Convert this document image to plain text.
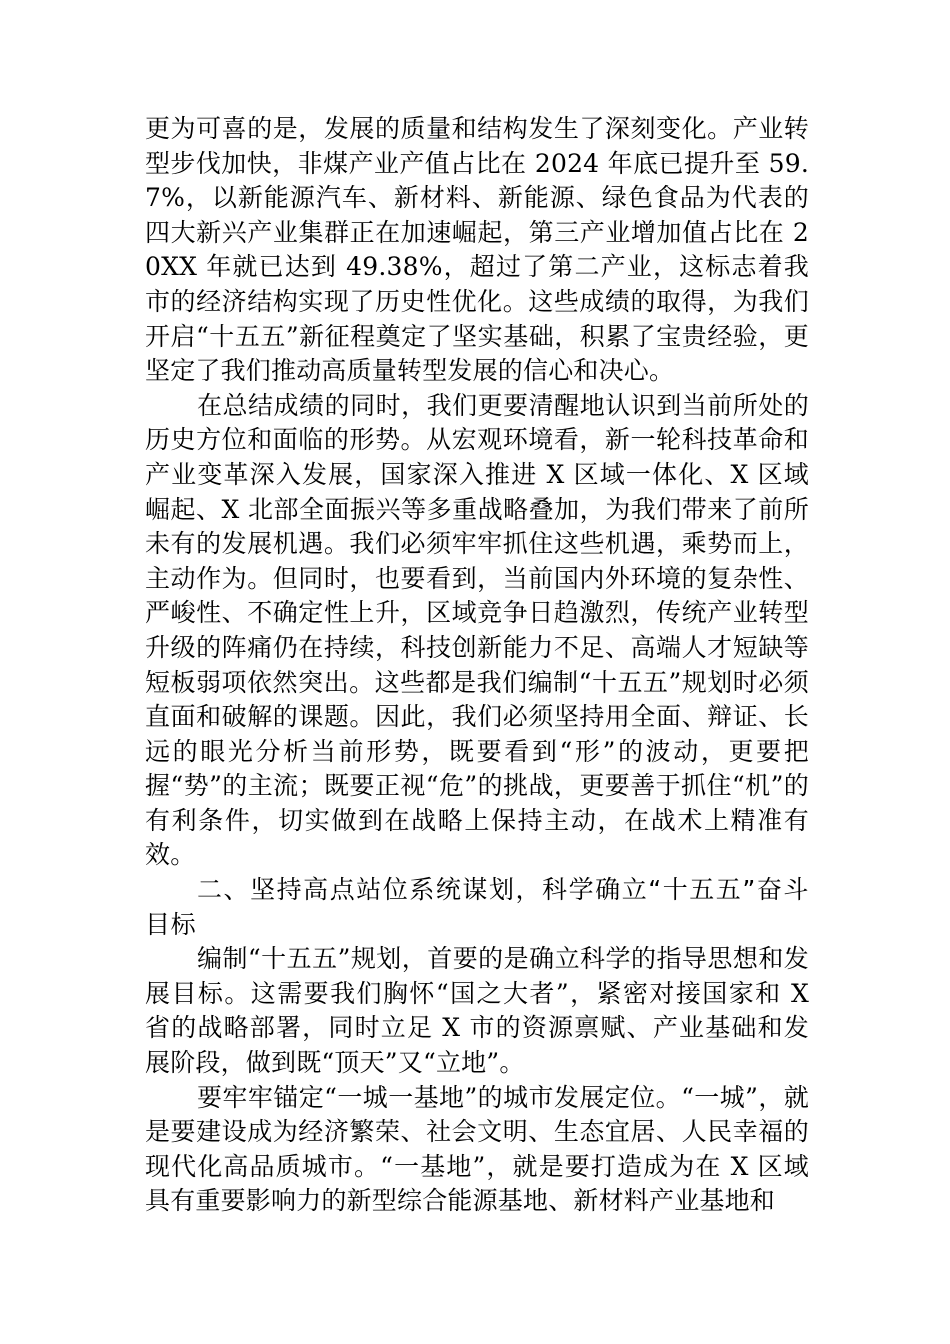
更为可喜的是，发展的质量和结构发生了深刻变化。产业转型步伐加快，非煤产业产值占比在 2024 年底已提升至 59.7%，以新能源汽车、新材料、新能源、绿色食品为代表的四大新兴产业集群正在加速崛起，第三产业增加值占比在 20XX 年就已达到 49.38%，超过了第二产业，这标志着我市的经济结构实现了历史性优化。这些成绩的取得，为我们开启“十五五”新征程奠定了坚实基础，积累了宝贵经验，更坚定了我们推动高质量转型发展的信心和决心。

在总结成绩的同时，我们更要清醒地认识到当前所处的历史方位和面临的形势。从宏观环境看，新一轮科技革命和产业变革深入发展，国家深入推进 X 区域一体化、X 区域崛起、X 北部全面振兴等多重战略叠加，为我们带来了前所未有的发展机遇。我们必须牢牢抓住这些机遇，乘势而上，主动作为。但同时，也要看到，当前国内外环境的复杂性、严峻性、不确定性上升，区域竞争日趋激烈，传统产业转型升级的阵痛仍在持续，科技创新能力不足、高端人才短缺等短板弱项依然突出。这些都是我们编制“十五五”规划时必须直面和破解的课题。因此，我们必须坚持用全面、辩证、长远的眼光分析当前形势，既要看到“形”的波动，更要把握“势”的主流；既要正视“危”的挑战，更要善于抓住“机”的有利条件，切实做到在战略上保持主动，在战术上精准有效。

二、坚持高点站位系统谋划，科学确立“十五五”奋斗目标

编制“十五五”规划，首要的是确立科学的指导思想和发展目标。这需要我们胸怀“国之大者”，紧密对接国家和 X 省的战略部署，同时立足 X 市的资源禀赋、产业基础和发展阶段，做到既“顶天”又“立地”。

要牢牢锚定“一城一基地”的城市发展定位。“一城”，就是要建设成为经济繁荣、社会文明、生态宜居、人民幸福的现代化高品质城市。“一基地”，就是要打造成为在 X 区域具有重要影响力的新型综合能源基地、新材料产业基地和
